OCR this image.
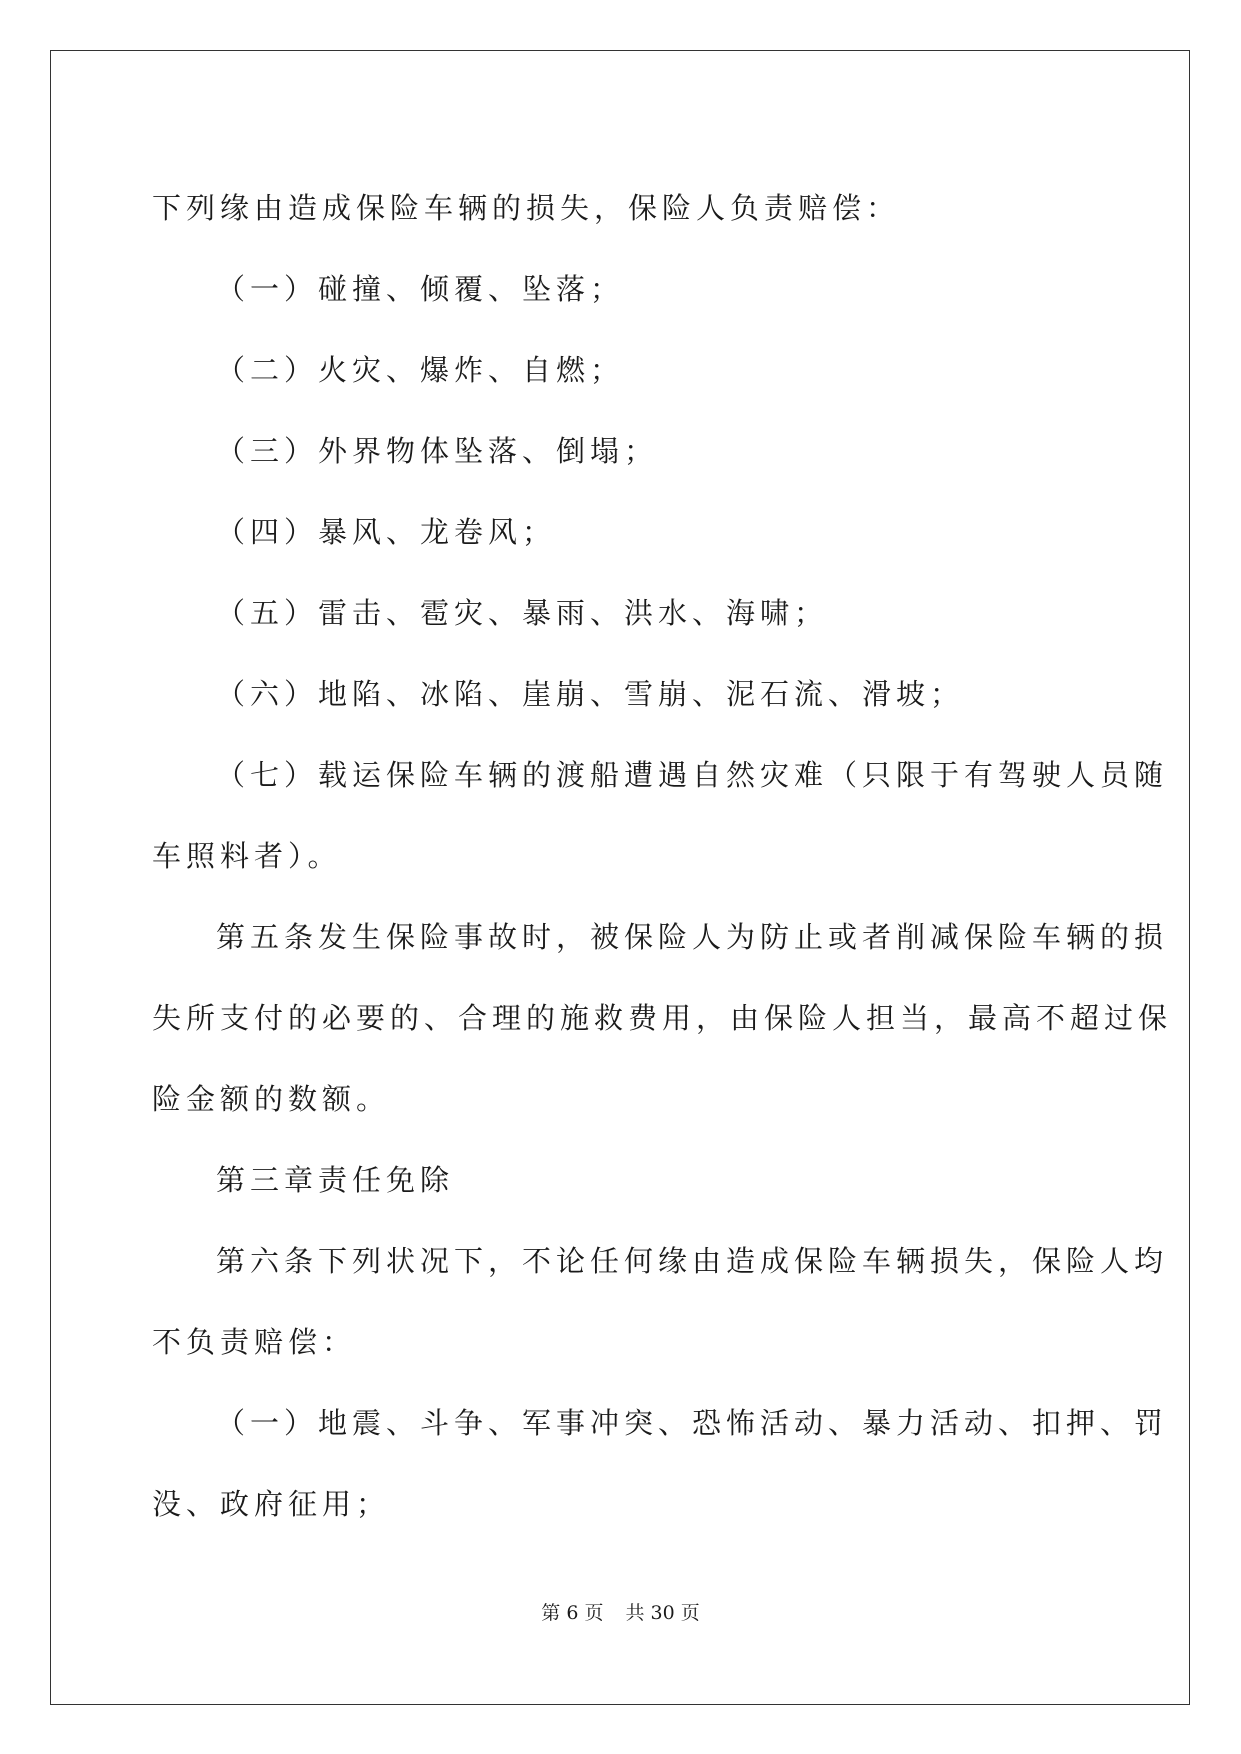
下列缘由造成保险车辆的损失，保险人负责赔偿：

（一）碰撞、倾覆、坠落；

（二）火灾、爆炸、自燃；

（三）外界物体坠落、倒塌；

（四）暴风、龙卷风；

（五）雷击、雹灾、暴雨、洪水、海啸；

（六）地陷、冰陷、崖崩、雪崩、泥石流、滑坡；

（七）载运保险车辆的渡船遭遇自然灾难（只限于有驾驶人员随

车照料者）。

第五条发生保险事故时，被保险人为防止或者削减保险车辆的损

失所支付的必要的、合理的施救费用，由保险人担当，最高不超过保

险金额的数额。

第三章责任免除

第六条下列状况下，不论任何缘由造成保险车辆损失，保险人均

不负责赔偿：

（一）地震、斗争、军事冲突、恐怖活动、暴力活动、扣押、罚

没、政府征用；

第 6 页 共 30 页
